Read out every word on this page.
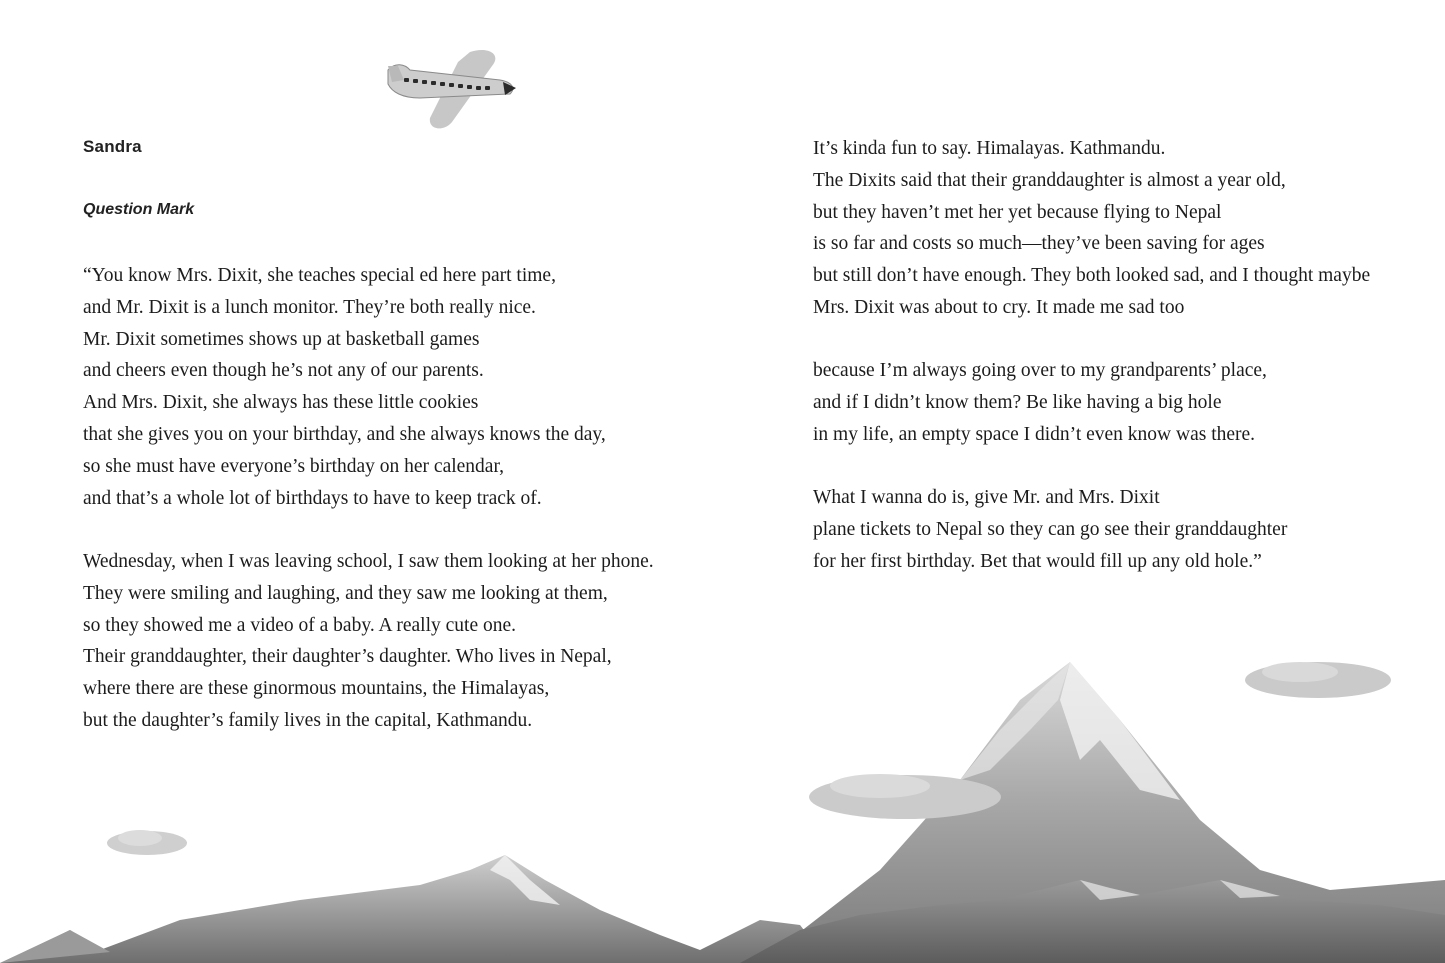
Sandra
Question Mark
“You know Mrs. Dixit, she teaches special ed here part time,
and Mr. Dixit is a lunch monitor. They’re both really nice.
Mr. Dixit sometimes shows up at basketball games
and cheers even though he’s not any of our parents.
And Mrs. Dixit, she always has these little cookies
that she gives you on your birthday, and she always knows the day,
so she must have everyone’s birthday on her calendar,
and that’s a whole lot of birthdays to have to keep track of.
Wednesday, when I was leaving school, I saw them looking at her phone.
They were smiling and laughing, and they saw me looking at them,
so they showed me a video of a baby. A really cute one.
Their granddaughter, their daughter’s daughter. Who lives in Nepal,
where there are these ginormous mountains, the Himalayas,
but the daughter’s family lives in the capital, Kathmandu.
It’s kinda fun to say. Himalayas. Kathmandu.
The Dixits said that their granddaughter is almost a year old,
but they haven’t met her yet because flying to Nepal
is so far and costs so much—they’ve been saving for ages
but still don’t have enough. They both looked sad, and I thought maybe
Mrs. Dixit was about to cry. It made me sad too
because I’m always going over to my grandparents’ place,
and if I didn’t know them? Be like having a big hole
in my life, an empty space I didn’t even know was there.
What I wanna do is, give Mr. and Mrs. Dixit
plane tickets to Nepal so they can go see their granddaughter
for her first birthday. Bet that would fill up any old hole.”
